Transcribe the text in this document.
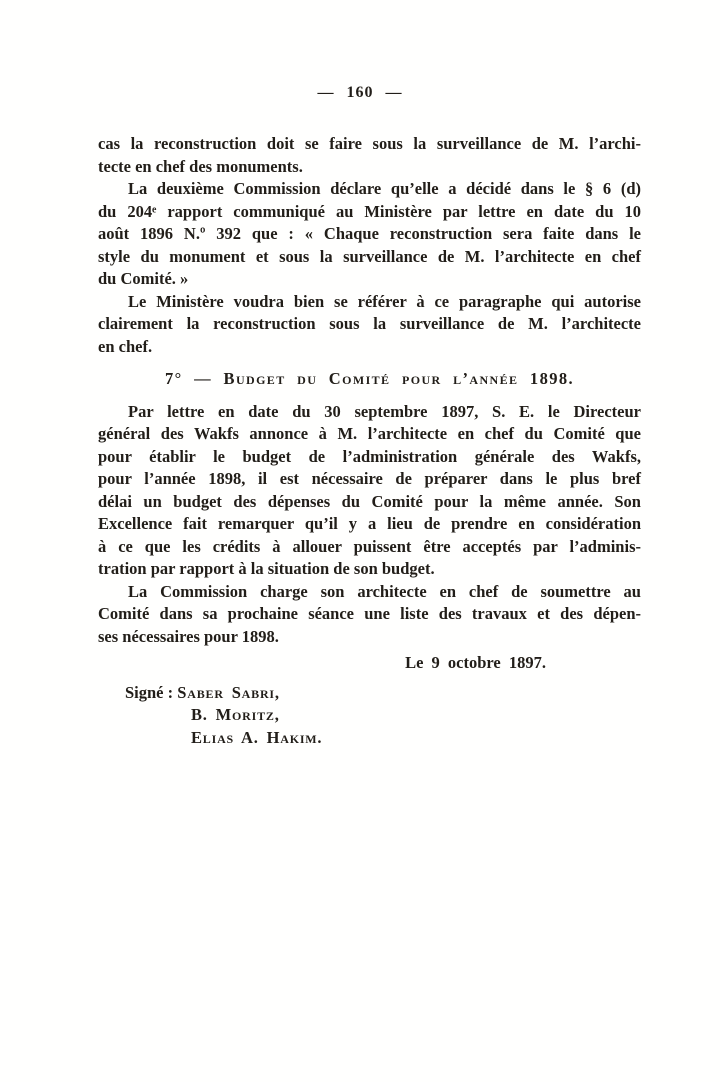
— 160 —
cas la reconstruction doit se faire sous la surveillance de M. l’archi-
tecte en chef des monuments.
La deuxième Commission déclare qu’elle a décidé dans le § 6 (d)
du 204ᵉ rapport communiqué au Ministère par lettre en date du 10
août 1896 N.º 392 que : « Chaque reconstruction sera faite dans le
style du monument et sous la surveillance de M. l’architecte en chef
du Comité. »
Le Ministère voudra bien se référer à ce paragraphe qui autorise
clairement la reconstruction sous la surveillance de M. l’architecte
en chef.
7° — Budget du Comité pour l’année 1898.
Par lettre en date du 30 septembre 1897, S. E. le Directeur
général des Wakfs annonce à M. l’architecte en chef du Comité que
pour établir le budget de l’administration générale des Wakfs,
pour l’année 1898, il est nécessaire de préparer dans le plus bref
délai un budget des dépenses du Comité pour la même année. Son
Excellence fait remarquer qu’il y a lieu de prendre en considération
à ce que les crédits à allouer puissent être acceptés par l’adminis-
tration par rapport à la situation de son budget.
La Commission charge son architecte en chef de soumettre au
Comité dans sa prochaine séance une liste des travaux et des dépen-
ses nécessaires pour 1898.
Le 9 octobre 1897.
Signé : Saber Sabri,
B. Moritz,
Elias A. Hakim.
